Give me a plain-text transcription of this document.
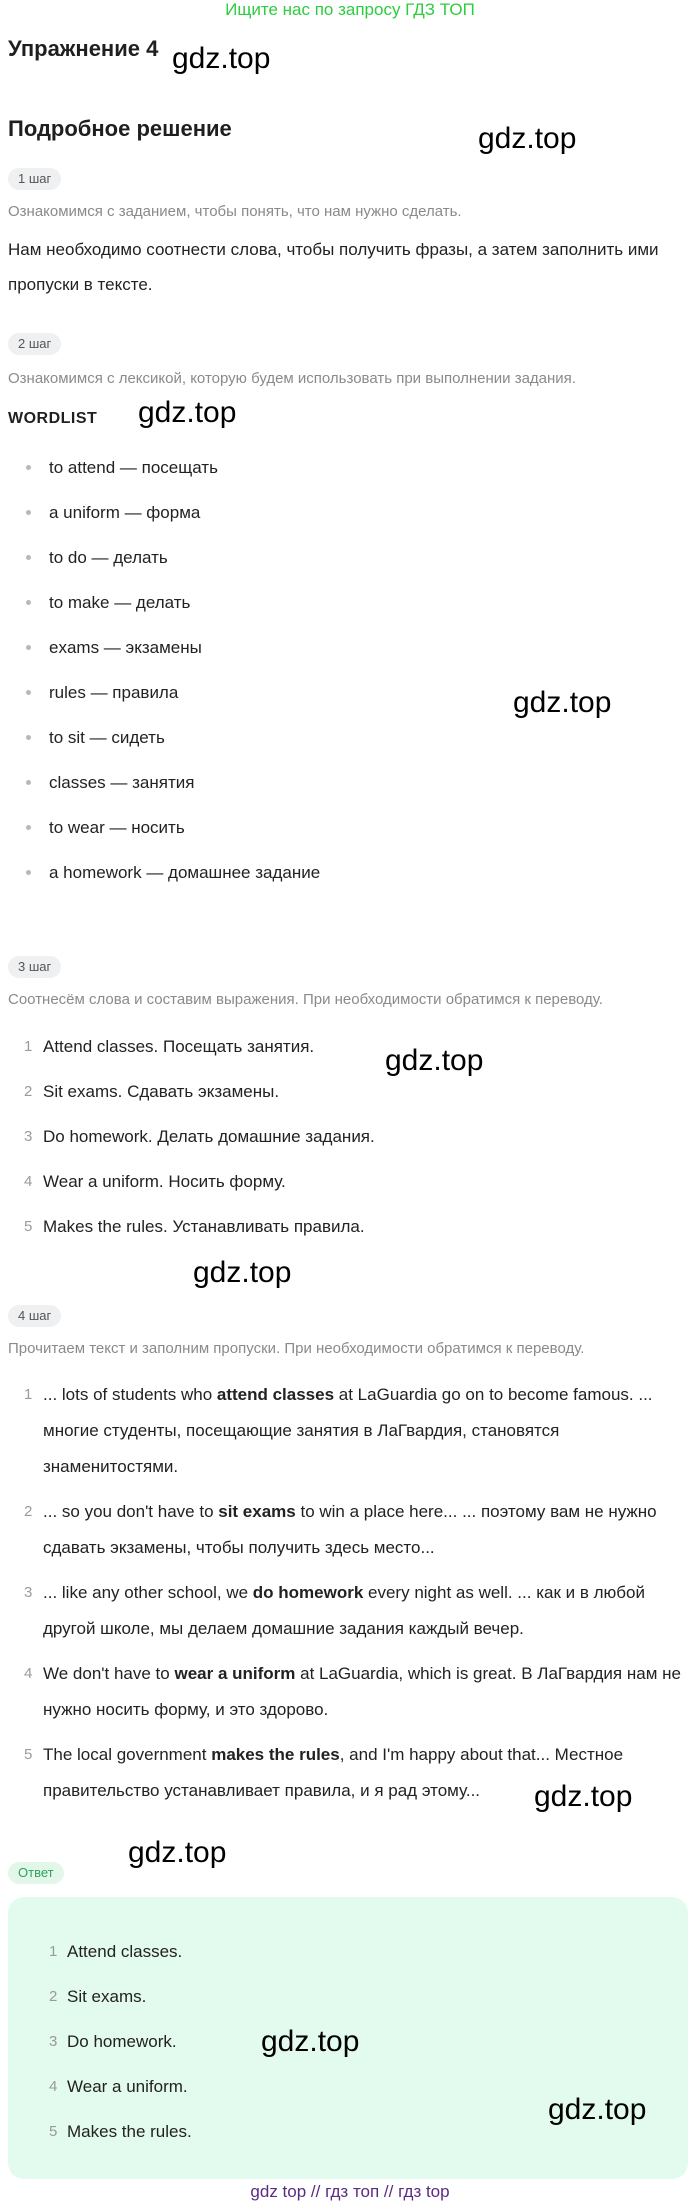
Ищите нас по запросу ГДЗ ТОП
Упражнение 4
Подробное решение
1 шаг
Ознакомимся с заданием, чтобы понять, что нам нужно сделать.
Нам необходимо соотнести слова, чтобы получить фразы, а затем заполнить ими пропуски в тексте.
2 шаг
Ознакомимся с лексикой, которую будем использовать при выполнении задания.
WORDLIST
to attend — посещать
a uniform — форма
to do — делать
to make — делать
exams — экзамены
rules — правила
to sit — сидеть
classes — занятия
to wear — носить
a homework — домашнее задание
3 шаг
Соотнесём слова и составим выражения. При необходимости обратимся к переводу.
1 Attend classes. Посещать занятия.
2 Sit exams. Сдавать экзамены.
3 Do homework. Делать домашние задания.
4 Wear a uniform. Носить форму.
5 Makes the rules. Устанавливать правила.
4 шаг
Прочитаем текст и заполним пропуски. При необходимости обратимся к переводу.
1 ... lots of students who attend classes at LaGuardia go on to become famous. ... многие студенты, посещающие занятия в ЛаГвардия, становятся знаменитостями.
2 ... so you don't have to sit exams to win a place here... ... поэтому вам не нужно сдавать экзамены, чтобы получить здесь место...
3 ... like any other school, we do homework every night as well. ... как и в любой другой школе, мы делаем домашние задания каждый вечер.
4 We don't have to wear a uniform at LaGuardia, which is great. В ЛаГвардия нам не нужно носить форму, и это здорово.
5 The local government makes the rules, and I'm happy about that... Местное правительство устанавливает правила, и я рад этому...
Ответ
1 Attend classes.
2 Sit exams.
3 Do homework.
4 Wear a uniform.
5 Makes the rules.
gdz.top
gdz.top
gdz.top
gdz.top
gdz.top
gdz.top
gdz.top
gdz.top
gdz.top
gdz.top
gdz top // гдз топ // гдз top
